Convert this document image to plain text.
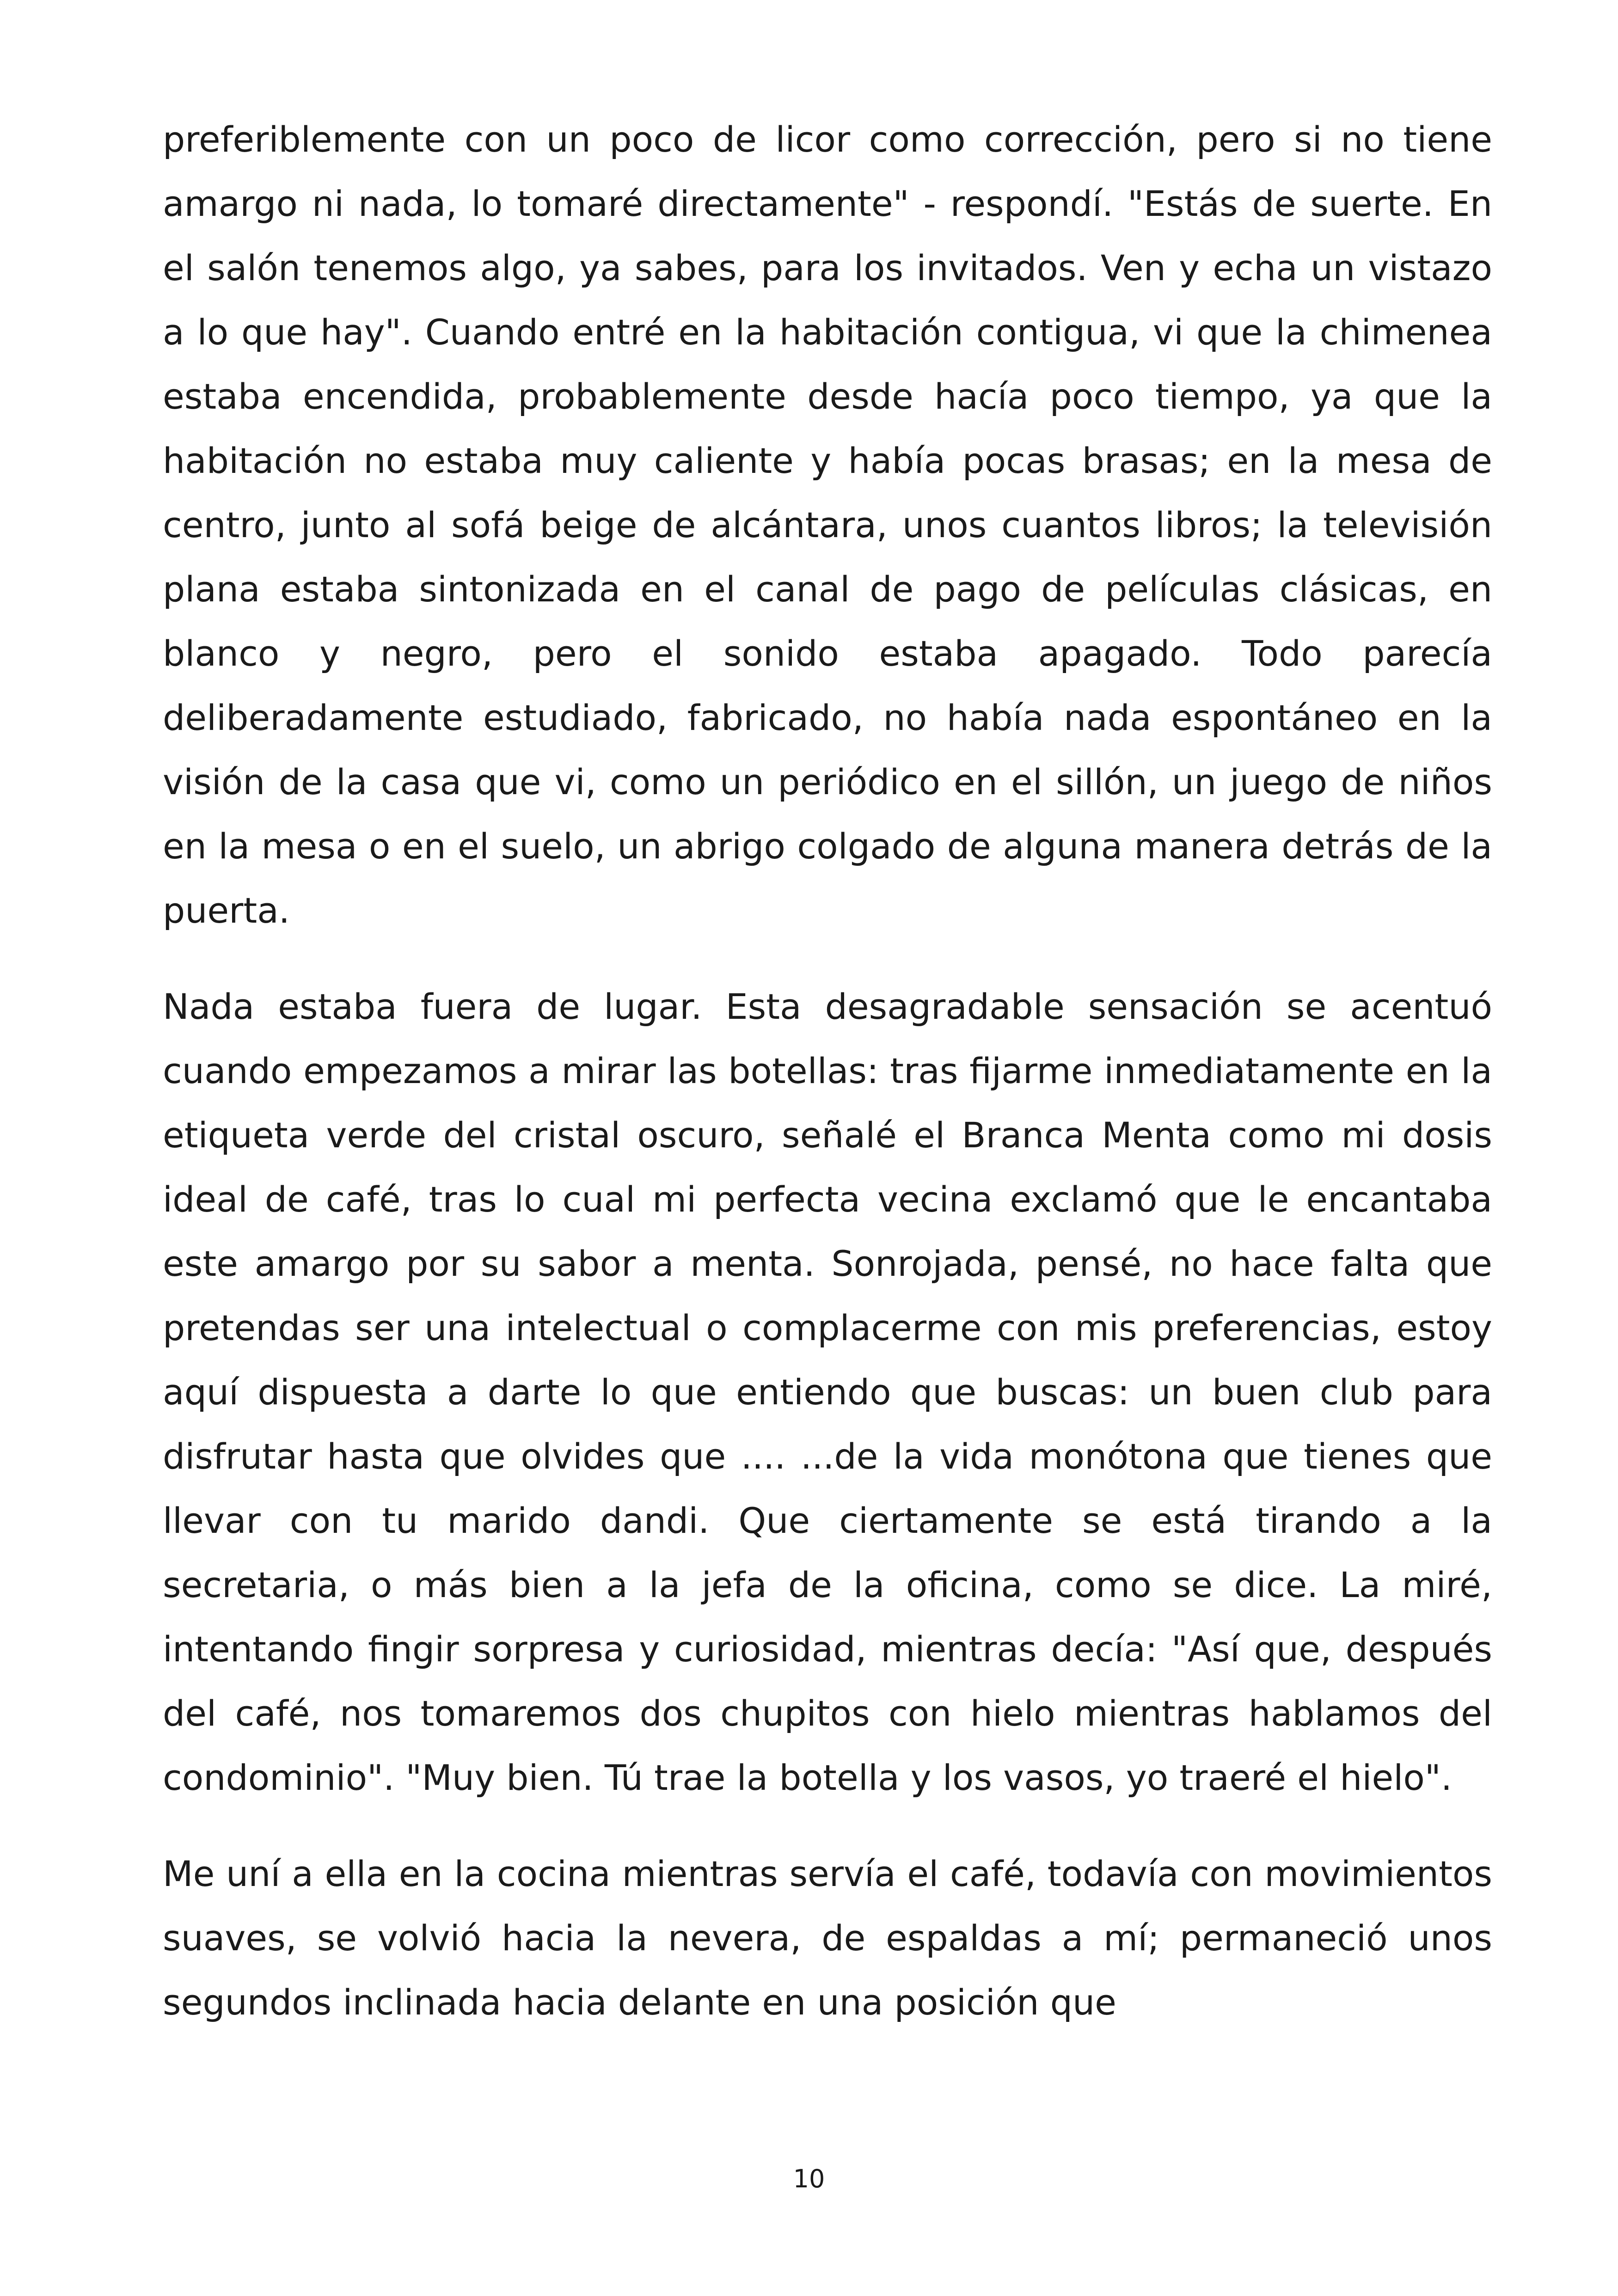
preferiblemente con un poco de licor como corrección, pero si no tiene amargo ni nada, lo tomaré directamente" - respondí. "Estás de suerte. En el salón tenemos algo, ya sabes, para los invitados. Ven y echa un vistazo a lo que hay". Cuando entré en la habitación contigua, vi que la chimenea estaba encendida, probablemente desde hacía poco tiempo, ya que la habitación no estaba muy caliente y había pocas brasas; en la mesa de centro, junto al sofá beige de alcántara, unos cuantos libros; la televisión plana estaba sintonizada en el canal de pago de películas clásicas, en blanco y negro, pero el sonido estaba apagado. Todo parecía deliberadamente estudiado, fabricado, no había nada espontáneo en la visión de la casa que vi, como un periódico en el sillón, un juego de niños en la mesa o en el suelo, un abrigo colgado de alguna manera detrás de la puerta.

Nada estaba fuera de lugar. Esta desagradable sensación se acentuó cuando empezamos a mirar las botellas: tras fijarme inmediatamente en la etiqueta verde del cristal oscuro, señalé el Branca Menta como mi dosis ideal de café, tras lo cual mi perfecta vecina exclamó que le encantaba este amargo por su sabor a menta. Sonrojada, pensé, no hace falta que pretendas ser una intelectual o complacerme con mis preferencias, estoy aquí dispuesta a darte lo que entiendo que buscas: un buen club para disfrutar hasta que olvides que .... ...de la vida monótona que tienes que llevar con tu marido dandi. Que ciertamente se está tirando a la secretaria, o más bien a la jefa de la oficina, como se dice. La miré, intentando fingir sorpresa y curiosidad, mientras decía: "Así que, después del café, nos tomaremos dos chupitos con hielo mientras hablamos del condominio". "Muy bien. Tú trae la botella y los vasos, yo traeré el hielo".

Me uní a ella en la cocina mientras servía el café, todavía con movimientos suaves, se volvió hacia la nevera, de espaldas a mí; permaneció unos segundos inclinada hacia delante en una posición que

10
